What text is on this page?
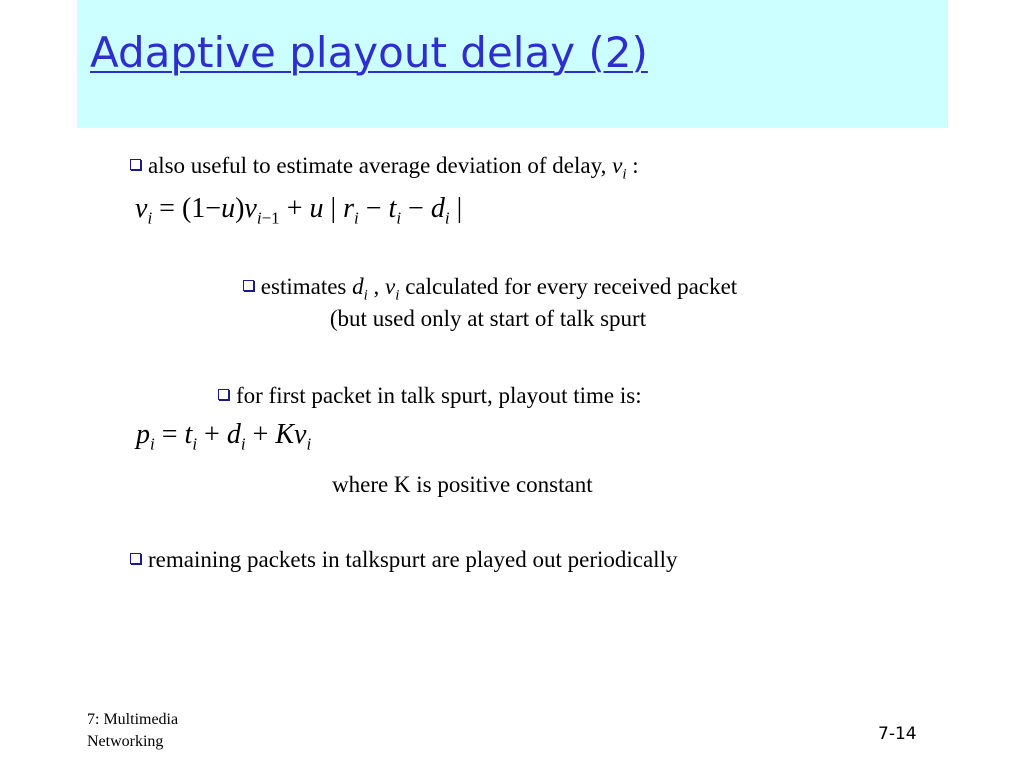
Adaptive playout delay (2)
also useful to estimate average deviation of delay, $v_i$ :
$v_i = (1-u)v_{i-1} + u$ | $r_i - t_i - d_i$ |
estimates $d_i$ , $v_i$ calculated for every received packet
(but used only at start of talk spurt
for first packet in talk spurt, playout time is:
$p_i = t_i + d_i + Kv_i$
where K is positive constant
remaining packets in talkspurt are played out periodically
7: Multimedia
Networking	7-14
